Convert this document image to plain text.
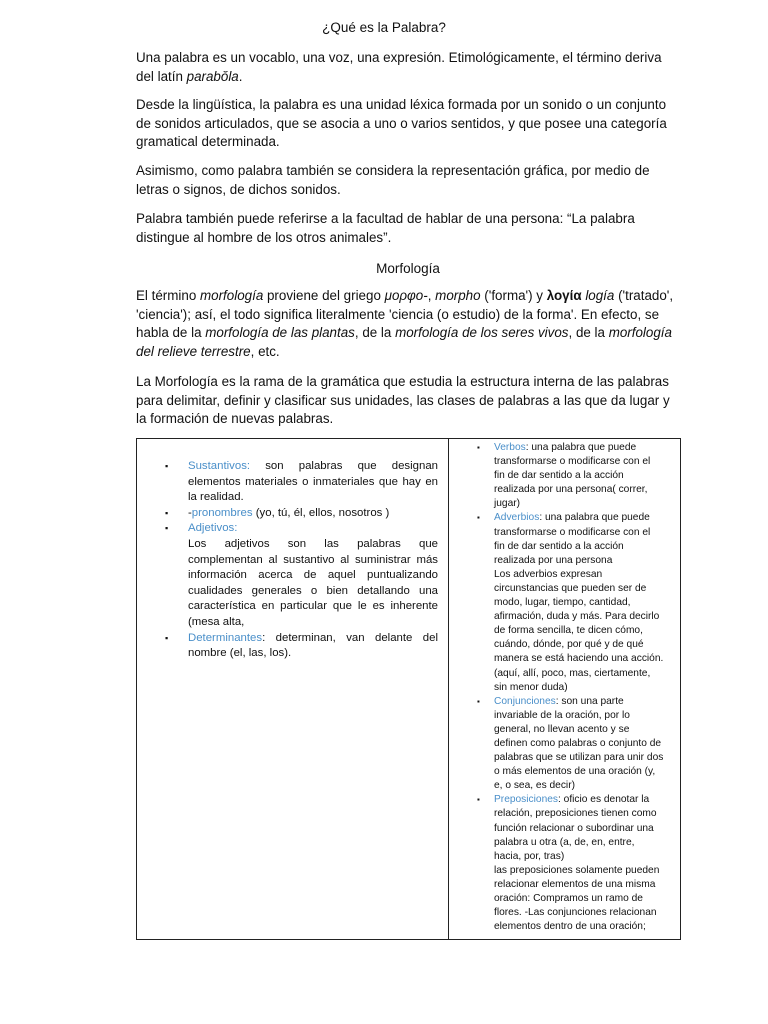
¿Qué es la Palabra?

Una palabra es un vocablo, una voz, una expresión. Etimológicamente, el término deriva del latín parabŏla.

Desde la lingüística, la palabra es una unidad léxica formada por un sonido o un conjunto de sonidos articulados, que se asocia a uno o varios sentidos, y que posee una categoría gramatical determinada.

Asimismo, como palabra también se considera la representación gráfica, por medio de letras o signos, de dichos sonidos.

Palabra también puede referirse a la facultad de hablar de una persona: “La palabra distingue al hombre de los otros animales”.

Morfología

El término morfología proviene del griego μορφο-, morpho ('forma') y λογία logía ('tratado', 'ciencia'); así, el todo significa literalmente 'ciencia (o estudio) de la forma'. En efecto, se habla de la morfología de las plantas, de la morfología de los seres vivos, de la morfología del relieve terrestre, etc.

La Morfología es la rama de la gramática que estudia la estructura interna de las palabras para delimitar, definir y clasificar sus unidades, las clases de palabras a las que da lugar y la formación de nuevas palabras.

▪ Sustantivos: son palabras que designan elementos materiales o inmateriales que hay en la realidad.
▪ -pronombres (yo, tú, él, ellos, nosotros )
▪ Adjetivos:
Los adjetivos son las palabras que complementan al sustantivo al suministrar más información acerca de aquel puntualizando cualidades generales o bien detallando una característica en particular que le es inherente (mesa alta,
▪ Determinantes: determinan, van delante del nombre (el, las, los).

▪ Verbos: una palabra que puede
transformarse o modificarse con el
fin de dar sentido a la acción
realizada por una persona( correr,
jugar)
▪ Adverbios: una palabra que puede
transformarse o modificarse con el
fin de dar sentido a la acción
realizada por una persona
Los adverbios expresan
circunstancias que pueden ser de
modo, lugar, tiempo, cantidad,
afirmación, duda y más. Para decirlo
de forma sencilla, te dicen cómo,
cuándo, dónde, por qué y de qué
manera se está haciendo una acción.
(aquí, allí, poco, mas, ciertamente,
sin menor duda)
▪ Conjunciones: son una parte
invariable de la oración, por lo
general, no llevan acento y se
definen como palabras o conjunto de
palabras que se utilizan para unir dos
o más elementos de una oración (y,
e, o sea, es decir)
▪ Preposiciones: oficio es denotar la
relación, preposiciones tienen como
función relacionar o subordinar una
palabra u otra (a, de, en, entre,
hacia, por, tras)
las preposiciones solamente pueden
relacionar elementos de una misma
oración: Compramos un ramo de
flores. -Las conjunciones relacionan
elementos dentro de una oración;
